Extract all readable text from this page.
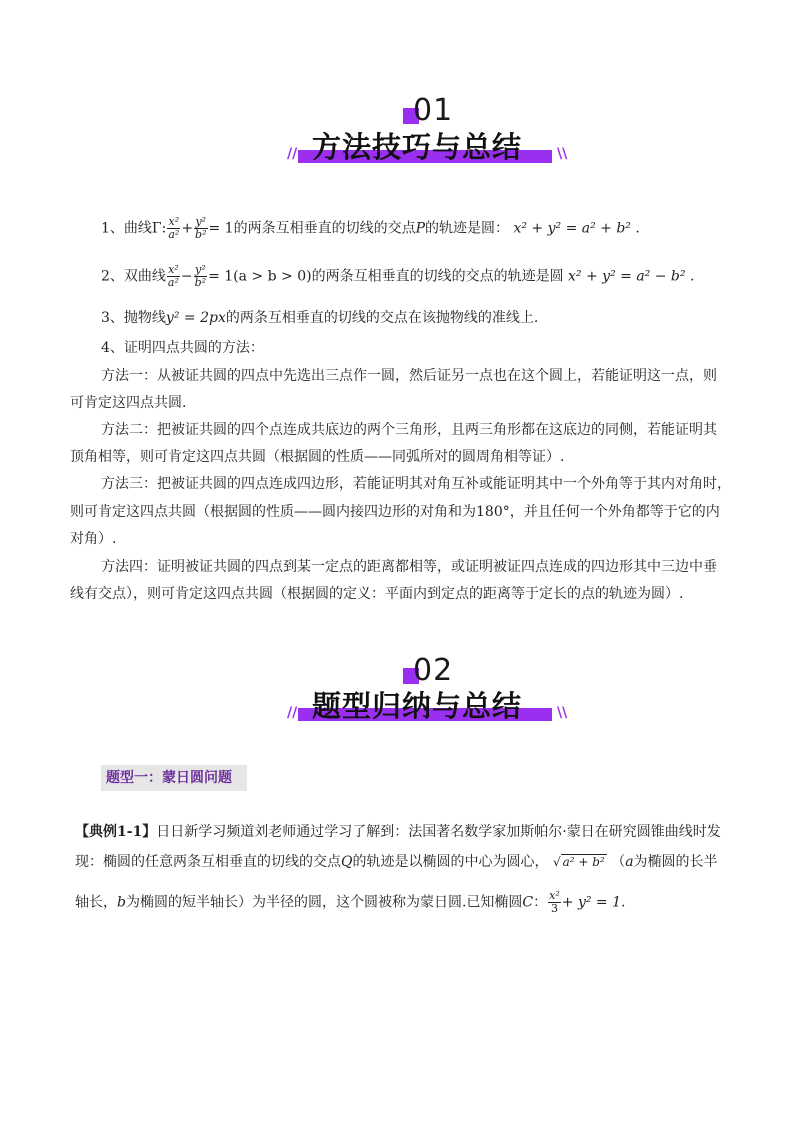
01
// 方法技巧与总结 \\
1、曲线Γ: $\frac{\text{x²}}{\text{a²}} + \frac{\text{y²}}{\text{b²}} = 1$的两条互相垂直的切线的交点P的轨迹是圆： x² + y² = a² + b² .
2、双曲线 $\frac{\text{x²}}{\text{a²}} - \frac{\text{y²}}{\text{b²}} = 1(a > b > 0)$的两条互相垂直的切线的交点的轨迹是圆 x² + y² = a² − b² .
3、抛物线y² = 2px的两条互相垂直的切线的交点在该抛物线的准线上.
4、证明四点共圆的方法：
方法一：从被证共圆的四点中先选出三点作一圆，然后证另一点也在这个圆上，若能证明这一点，则
可肯定这四点共圆.
方法二：把被证共圆的四个点连成共底边的两个三角形，且两三角形都在这底边的同侧，若能证明其
顶角相等，则可肯定这四点共圆（根据圆的性质——同弧所对的圆周角相等证）.
方法三：把被证共圆的四点连成四边形，若能证明其对角互补或能证明其中一个外角等于其内对角时，
则可肯定这四点共圆（根据圆的性质——圆内接四边形的对角和为180°，并且任何一个外角都等于它的内
对角）.
方法四：证明被证共圆的四点到某一定点的距离都相等，或证明被证四点连成的四边形其中三边中垂
线有交点），则可肯定这四点共圆（根据圆的定义：平面内到定点的距离等于定长的点的轨迹为圆）.
02
// 题型归纳与总结 \\
题型一：蒙日圆问题
【典例1-1】日日新学习频道刘老师通过学习了解到：法国著名数学家加斯帕尔·蒙日在研究圆锥曲线时发
现：椭圆的任意两条互相垂直的切线的交点Q的轨迹是以椭圆的中心为圆心， √ a² + b² （a为椭圆的长半
轴长，b为椭圆的短半轴长）为半径的圆，这个圆被称为蒙日圆.已知椭圆C： $\frac{\text{x²}}{3} + y^2 = 1$.
